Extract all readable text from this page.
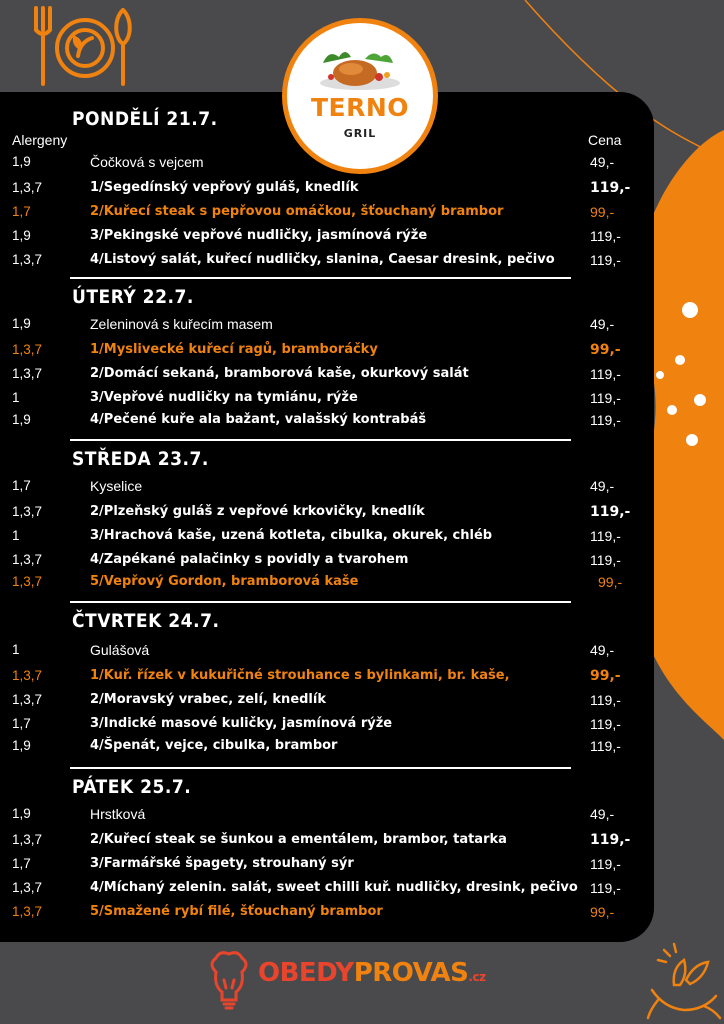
TERNO
GRIL
Alergeny	Cena
PONDĚLÍ 21.7.
1,9	Čočková s vejcem	49,-
1,3,7	1/Segedínský vepřový guláš, knedlík	119,-
1,7	2/Kuřecí steak s pepřovou omáčkou, šťouchaný brambor	99,-
1,9	3/Pekingské vepřové nudličky, jasmínová rýže	119,-
1,3,7	4/Listový salát, kuřecí nudličky, slanina, Caesar dresink, pečivo	119,-
ÚTERÝ 22.7.
1,9	Zeleninová s kuřecím masem	49,-
1,3,7	1/Myslivecké kuřecí ragů, bramboráčky	99,-
1,3,7	2/Domácí sekaná, bramborová kaše, okurkový salát	119,-
1	3/Vepřové nudličky na tymiánu, rýže	119,-
1,9	4/Pečené kuře ala bažant, valašský kontrabáš	119,-
STŘEDA 23.7.
1,7	Kyselice	49,-
1,3,7	2/Plzeňský guláš z vepřové krkovičky, knedlík	119,-
1	3/Hrachová kaše, uzená kotleta, cibulka, okurek, chléb	119,-
1,3,7	4/Zapékané palačinky s povidly a tvarohem	119,-
1,3,7	5/Vepřový Gordon, bramborová kaše	99,-
ČTVRTEK 24.7.
1	Gulášová	49,-
1,3,7	1/Kuř. řízek v kukuřičné strouhance s bylinkami, br. kaše,	99,-
1,3,7	2/Moravský vrabec, zelí, knedlík	119,-
1,7	3/Indické masové kuličky, jasmínová rýže	119,-
1,9	4/Špenát, vejce, cibulka, brambor	119,-
PÁTEK 25.7.
1,9	Hrstková	49,-
1,3,7	2/Kuřecí steak se šunkou a ementálem, brambor, tatarka	119,-
1,7	3/Farmářské špagety, strouhaný sýr	119,-
1,3,7	4/Míchaný zelenin. salát, sweet chilli kuř. nudličky, dresink, pečivo 119,-
1,3,7	5/Smažené rybí filé, šťouchaný brambor	99,-
OBEDYPROVAS.cz
